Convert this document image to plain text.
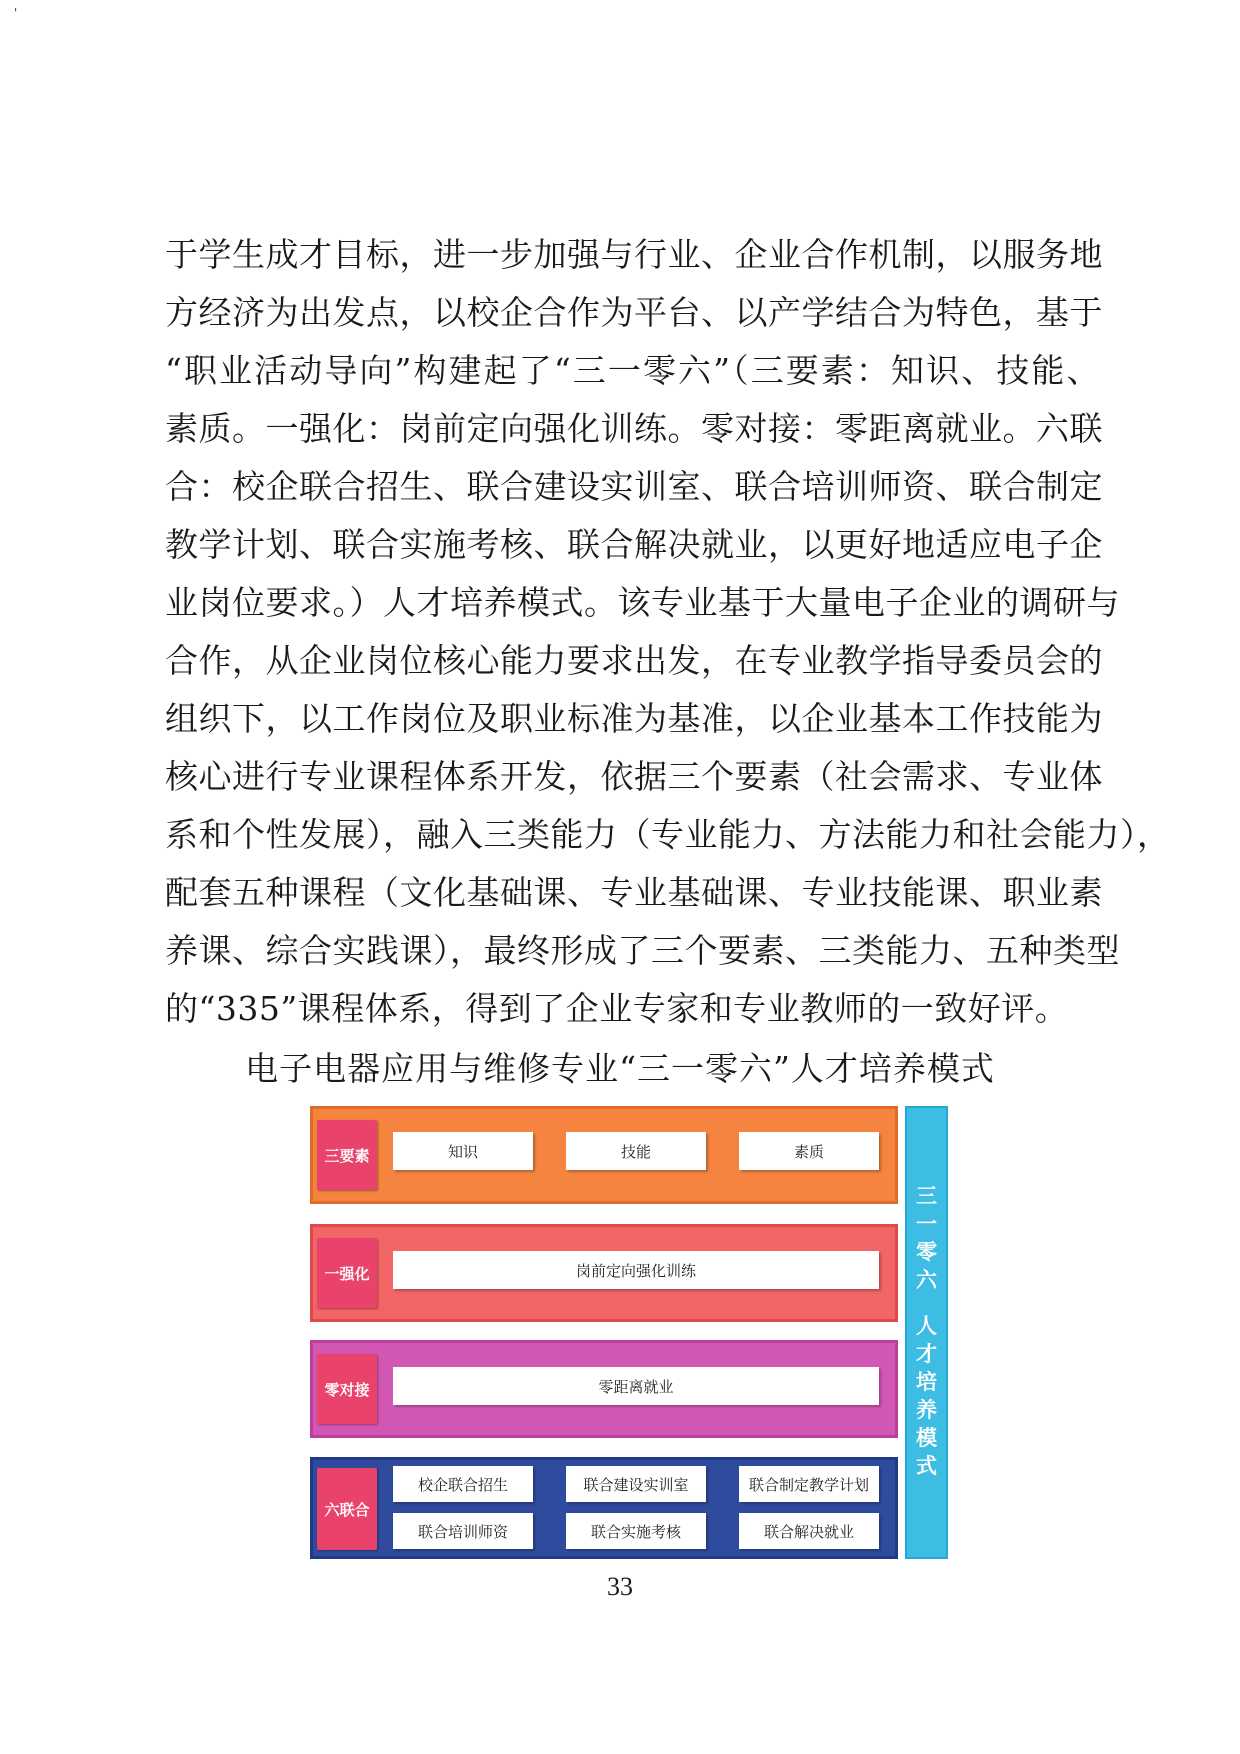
'
于学生成才目标，进一步加强与行业、企业合作机制，以服务地
方经济为出发点，以校企合作为平台、以产学结合为特色，基于
“职业活动导向”构建起了“三一零六”（三要素：知识、技能、
素质。一强化：岗前定向强化训练。零对接：零距离就业。六联
合：校企联合招生、联合建设实训室、联合培训师资、联合制定
教学计划、联合实施考核、联合解决就业，以更好地适应电子企
业岗位要求。）人才培养模式。该专业基于大量电子企业的调研与
合作，从企业岗位核心能力要求出发，在专业教学指导委员会的
组织下，以工作岗位及职业标准为基准，以企业基本工作技能为
核心进行专业课程体系开发，依据三个要素（社会需求、专业体
系和个性发展），融入三类能力（专业能力、方法能力和社会能力），
配套五种课程（文化基础课、专业基础课、专业技能课、职业素
养课、综合实践课），最终形成了三个要素、三类能力、五种类型
的“335”课程体系，得到了企业专家和专业教师的一致好评。
电子电器应用与维修专业“三一零六”人才培养模式
三要素	知识	技能	素质
一强化	岗前定向强化训练
零对接	零距离就业
六联合
校企联合招生	联合建设实训室	联合制定教学计划
联合培训师资	联合实施考核	联合解决就业
三
一
零
六
人
才
培
养
模
式
33
